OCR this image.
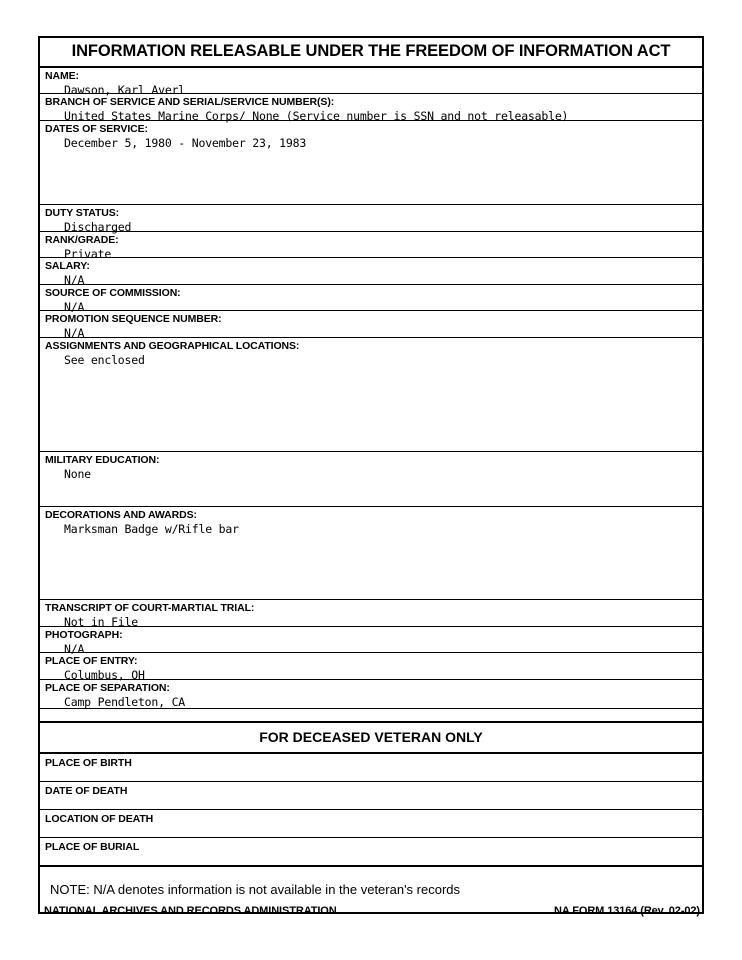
INFORMATION RELEASABLE UNDER THE FREEDOM OF INFORMATION ACT
NAME:
Dawson, Karl Averl
BRANCH OF SERVICE AND SERIAL/SERVICE NUMBER(S):
United States Marine Corps/ None (Service number is SSN and not releasable)
DATES OF SERVICE:
December 5, 1980 - November 23, 1983
DUTY STATUS:
Discharged
RANK/GRADE:
Private
SALARY:
N/A
SOURCE OF COMMISSION:
N/A
PROMOTION SEQUENCE NUMBER:
N/A
ASSIGNMENTS AND GEOGRAPHICAL LOCATIONS:
See enclosed
MILITARY EDUCATION:
None
DECORATIONS AND AWARDS:
Marksman Badge w/Rifle bar
TRANSCRIPT OF COURT-MARTIAL TRIAL:
Not in File
PHOTOGRAPH:
N/A
PLACE OF ENTRY:
Columbus, OH
PLACE OF SEPARATION:
Camp Pendleton, CA
FOR DECEASED VETERAN ONLY
PLACE OF BIRTH
DATE OF DEATH
LOCATION OF DEATH
PLACE OF BURIAL
NOTE: N/A denotes information is not available in the veteran's records
NATIONAL ARCHIVES AND RECORDS ADMINISTRATION	NA FORM 13164 (Rev. 02-02)
